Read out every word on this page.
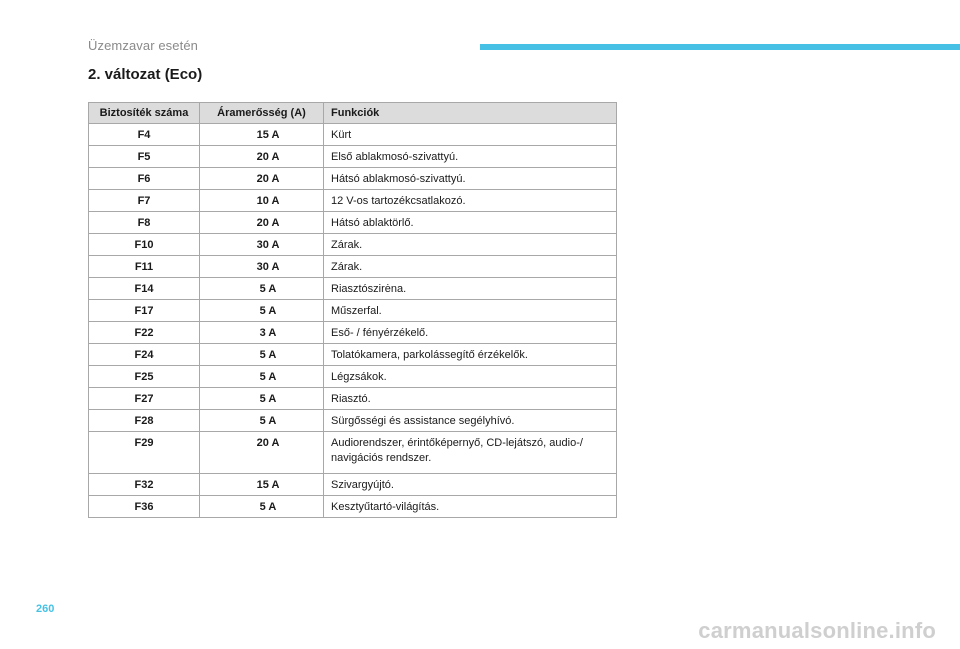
Üzemzavar esetén
2. változat (Eco)
Biztosíték száma	Áramerősség (A)	Funkciók
F4	15 A	Kürt
F5	20 A	Első ablakmosó-szivattyú.
F6	20 A	Hátsó ablakmosó-szivattyú.
F7	10 A	12 V-os tartozékcsatlakozó.
F8	20 A	Hátsó ablaktörlő.
F10	30 A	Zárak.
F11	30 A	Zárak.
F14	5 A	Riasztószirėna.
F17	5 A	Műszerfal.
F22	3 A	Eső- / fényérzékelő.
F24	5 A	Tolatókamera, parkolássegítő érzékelők.
F25	5 A	Légzsákok.
F27	5 A	Riasztó.
F28	5 A	Sürgősségi és assistance segélyhívó.
F29	20 A	Audiorendszer, érintőképernyő, CD-lejátszó, audio-/ navigációs rendszer.
F32	15 A	Szivargyújtó.
F36	5 A	Kesztyűtartó-világítás.
260
carmanualsonline.info
